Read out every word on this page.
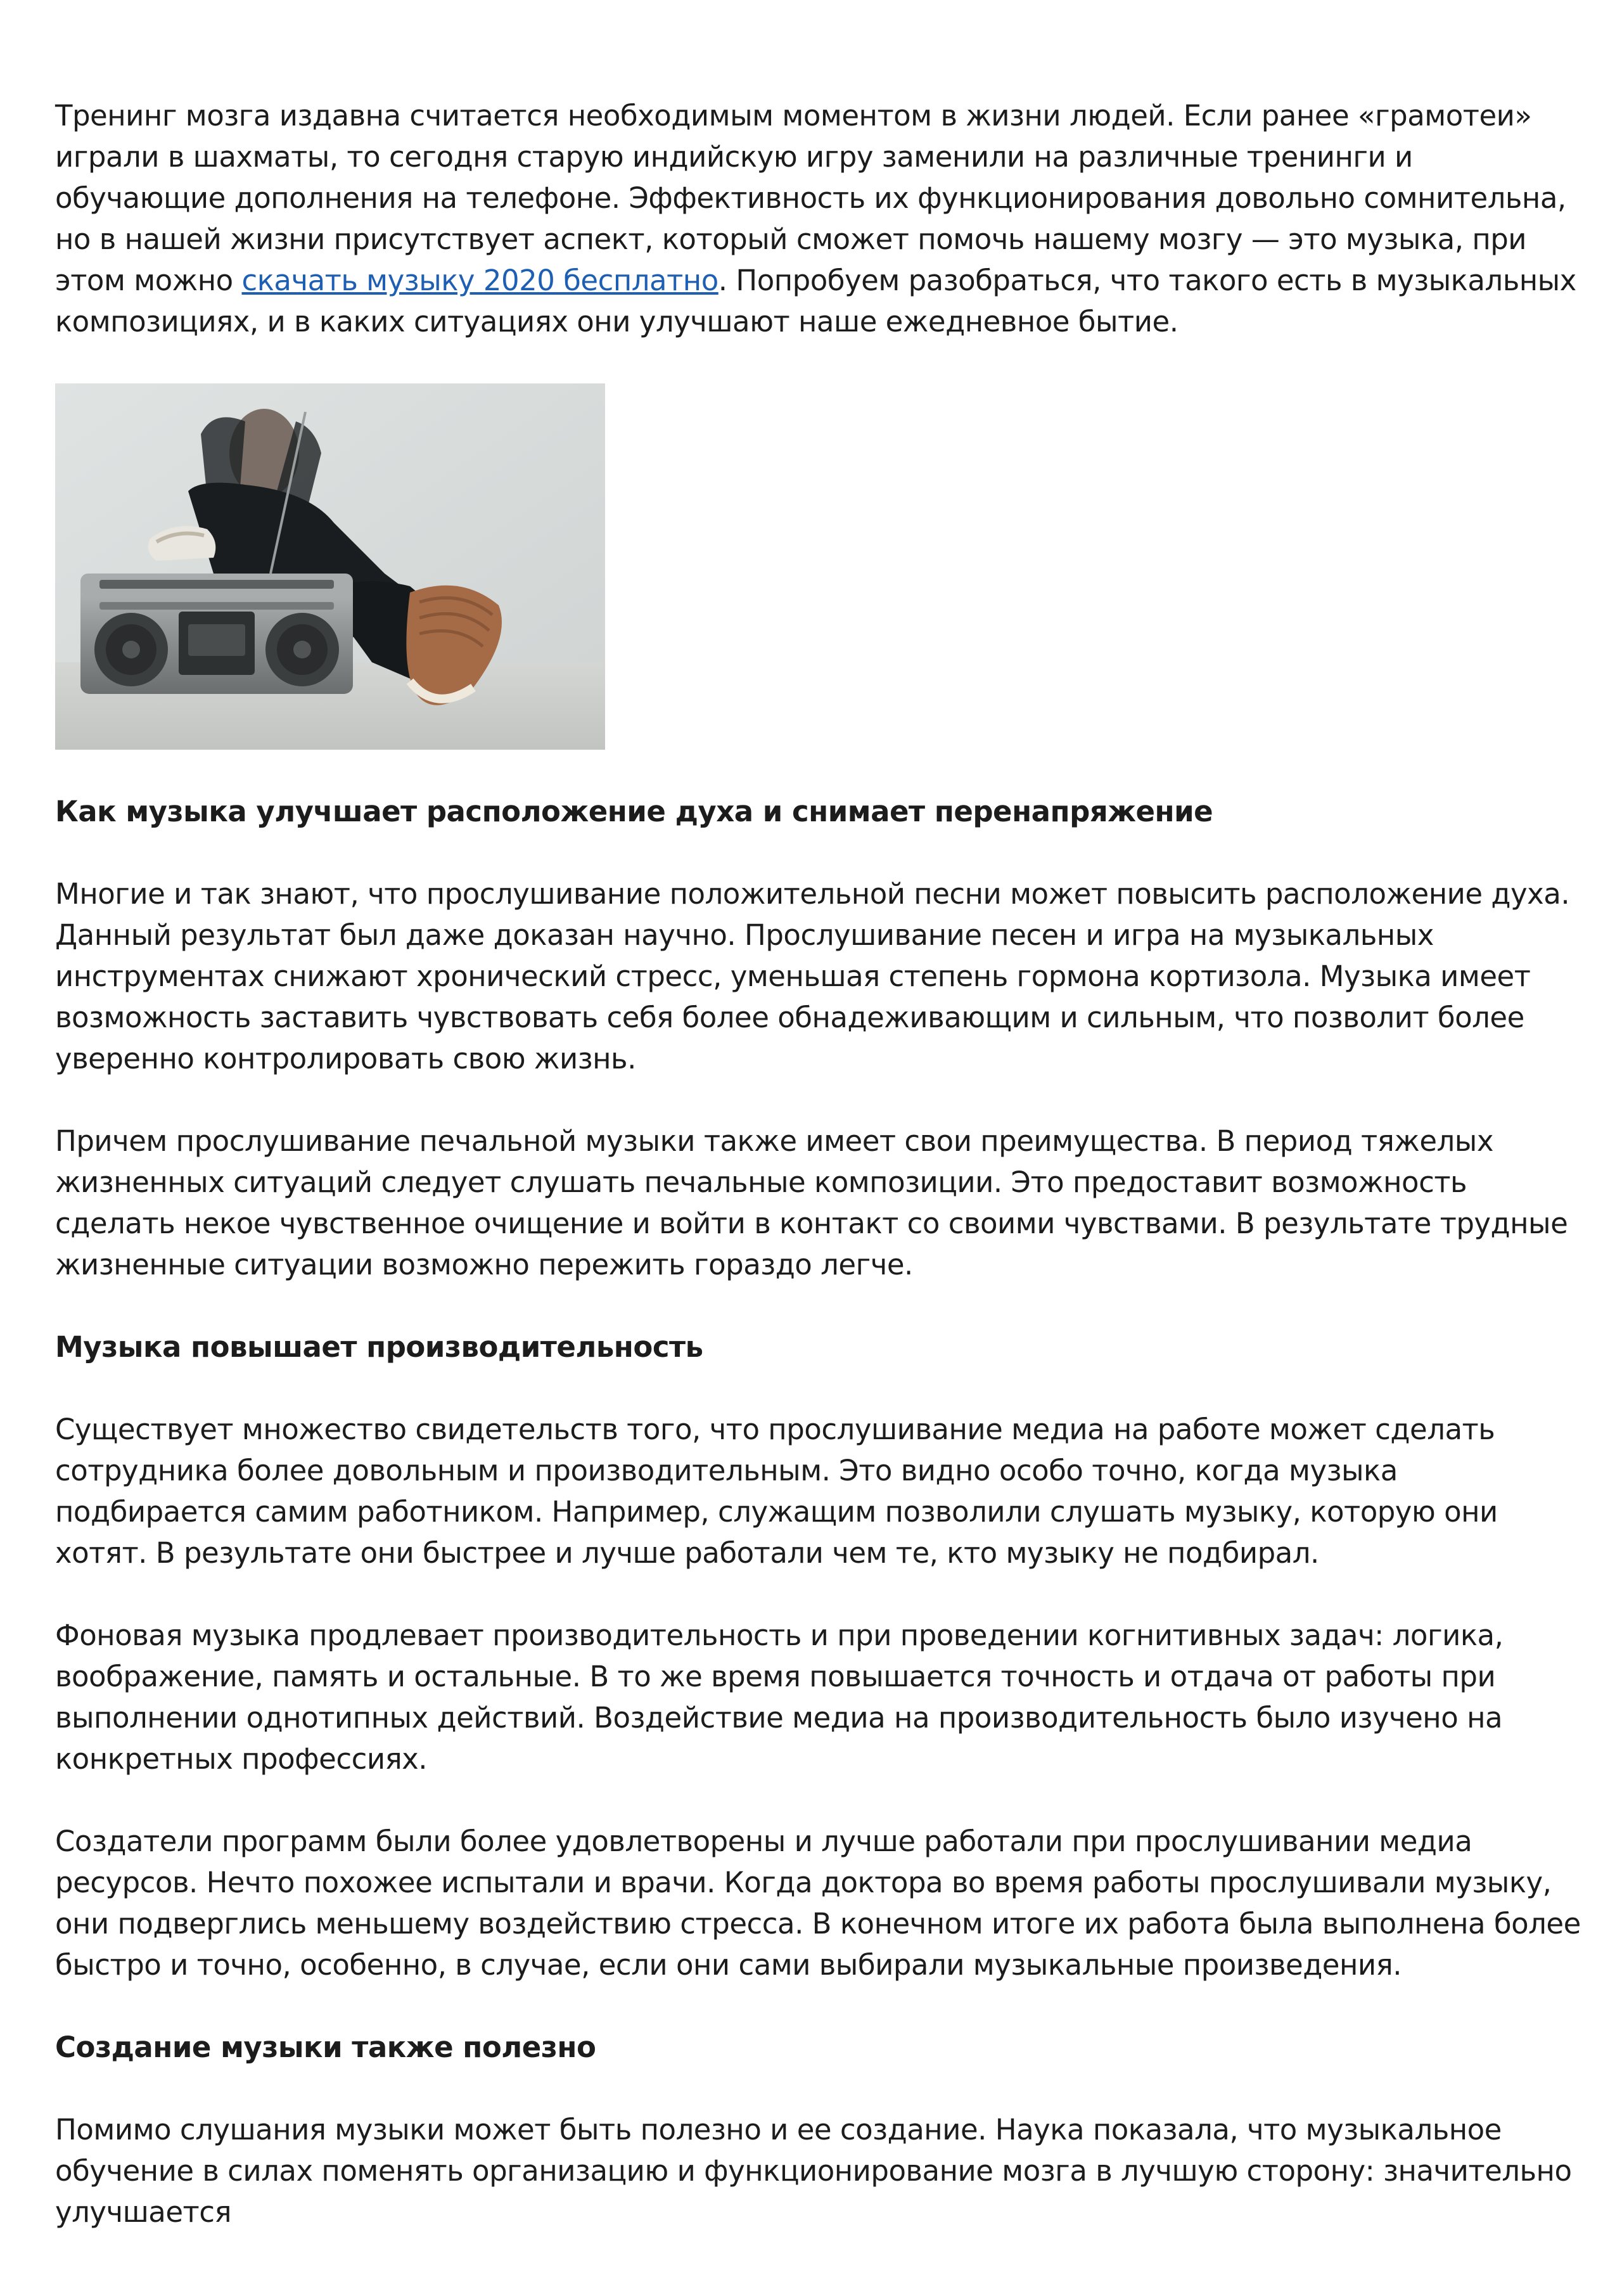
Тренинг мозга издавна считается необходимым моментом в жизни людей. Если ранее «грамотеи» играли в шахматы, то сегодня старую индийскую игру заменили на различные тренинги и обучающие дополнения на телефоне. Эффективность их функционирования довольно сомнительна, но в нашей жизни присутствует аспект, который сможет помочь нашему мозгу — это музыка, при этом можно скачать музыку 2020 бесплатно. Попробуем разобраться, что такого есть в музыкальных композициях, и в каких ситуациях они улучшают наше ежедневное бытие.

Как музыка улучшает расположение духа и снимает перенапряжение

Многие и так знают, что прослушивание положительной песни может повысить расположение духа. Данный результат был даже доказан научно. Прослушивание песен и игра на музыкальных инструментах снижают хронический стресс, уменьшая степень гормона кортизола. Музыка имеет возможность заставить чувствовать себя более обнадеживающим и сильным, что позволит более уверенно контролировать свою жизнь.

Причем прослушивание печальной музыки также имеет свои преимущества. В период тяжелых жизненных ситуаций следует слушать печальные композиции. Это предоставит возможность сделать некое чувственное очищение и войти в контакт со своими чувствами. В результате трудные жизненные ситуации возможно пережить гораздо легче.

Музыка повышает производительность

Существует множество свидетельств того, что прослушивание медиа на работе может сделать сотрудника более довольным и производительным. Это видно особо точно, когда музыка подбирается самим работником. Например, служащим позволили слушать музыку, которую они хотят. В результате они быстрее и лучше работали чем те, кто музыку не подбирал.

Фоновая музыка продлевает производительность и при проведении когнитивных задач: логика, воображение, память и остальные. В то же время повышается точность и отдача от работы при выполнении однотипных действий. Воздействие медиа на производительность было изучено на конкретных профессиях.

Создатели программ были более удовлетворены и лучше работали при прослушивании медиа ресурсов. Нечто похожее испытали и врачи. Когда доктора во время работы прослушивали музыку, они подверглись меньшему воздействию стресса. В конечном итоге их работа была выполнена более быстро и точно, особенно, в случае, если они сами выбирали музыкальные произведения.

Создание музыки также полезно

Помимо слушания музыки может быть полезно и ее создание. Наука показала, что музыкальное обучение в силах поменять организацию и функционирование мозга в лучшую сторону: значительно улучшается
